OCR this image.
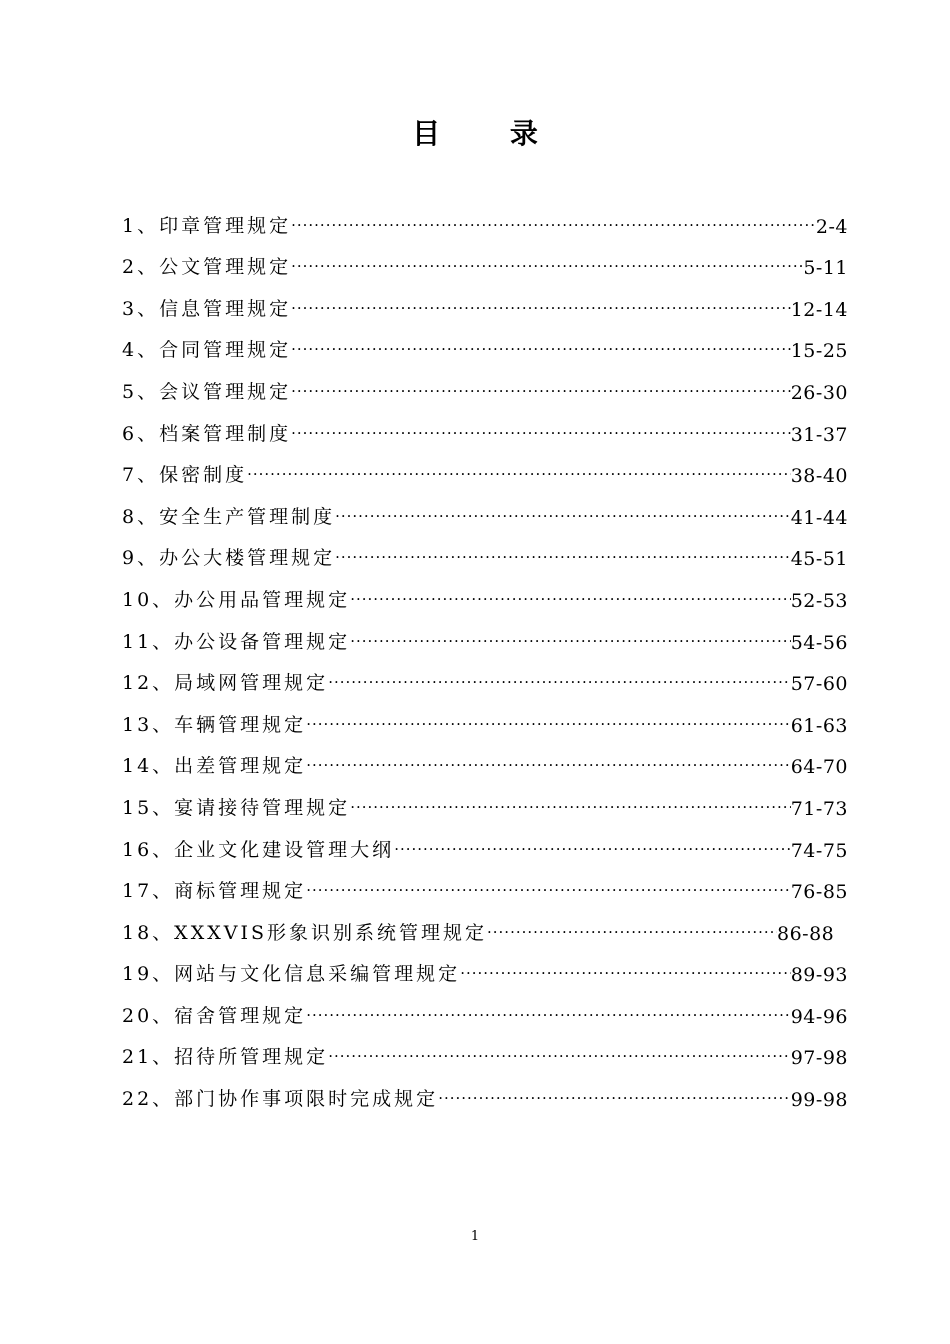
目 录
1、印章管理规定 ·····	2-4
2、公文管理规定 ·····	5-11
3、信息管理规定 ·····	12-14
4、合同管理规定 ·····	15-25
5、会议管理规定 ·····	26-30
6、档案管理制度 ·····	31-37
7、保密制度 ·····	38-40
8、安全生产管理制度 ·····	41-44
9、办公大楼管理规定 ·····	45-51
10、办公用品管理规定 ·····	52-53
11、办公设备管理规定 ·····	54-56
12、局域网管理规定 ·····	57-60
13、车辆管理规定 ·····	61-63
14、出差管理规定 ·····	64-70
15、宴请接待管理规定 ·····	71-73
16、企业文化建设管理大纲 ·····	74-75
17、商标管理规定 ·····	76-85
18、XXXVIS形象识别系统管理规定 ·····	86-88
19、网站与文化信息采编管理规定 ·····	89-93
20、宿舍管理规定 ·····	94-96
21、招待所管理规定 ·····	97-98
22、部门协作事项限时完成规定 ·····	99-98
1
